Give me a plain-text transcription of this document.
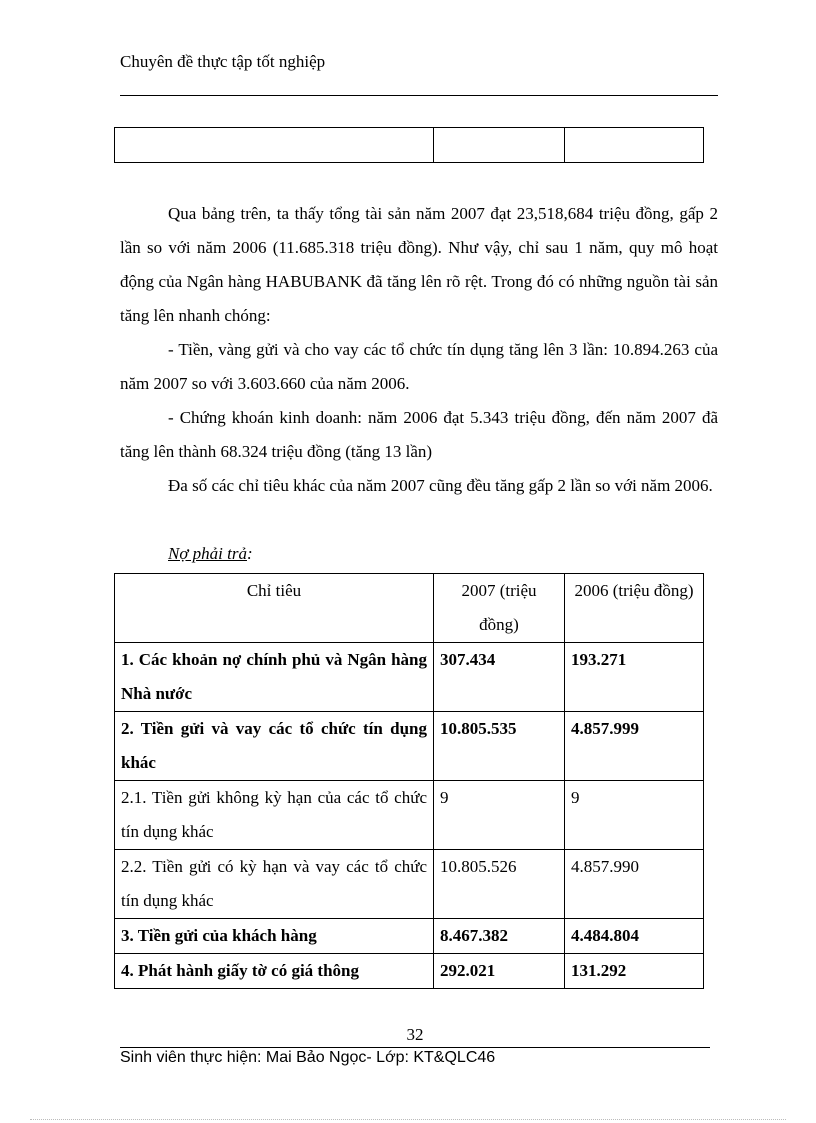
Chuyên đề thực tập tốt nghiệp

Qua bảng trên, ta thấy tổng tài sản năm 2007 đạt 23,518,684 triệu đồng, gấp 2 lần so với năm 2006 (11.685.318 triệu đồng). Như vậy, chỉ sau 1 năm, quy mô hoạt động của Ngân hàng HABUBANK đã tăng lên rõ rệt. Trong đó có những nguồn tài sản tăng lên nhanh chóng:
- Tiền, vàng gửi và cho vay các tổ chức tín dụng tăng lên 3 lần: 10.894.263 của năm 2007 so với 3.603.660 của năm 2006.
- Chứng khoán kinh doanh: năm 2006 đạt 5.343 triệu đồng, đến năm 2007 đã tăng lên thành 68.324 triệu đồng (tăng 13 lần)
Đa số các chỉ tiêu khác của năm 2007 cũng đều tăng gấp 2 lần so với năm 2006.
Nợ phải trả:
Chỉ tiêu	2007 (triệu đồng)	2006 (triệu đồng)
1. Các khoản nợ chính phủ và Ngân hàng Nhà nước	307.434	193.271
2. Tiền gửi và vay các tổ chức tín dụng khác	10.805.535	4.857.999
2.1. Tiền gửi không kỳ hạn của các tổ chức tín dụng khác	9	9
2.2. Tiền gửi có kỳ hạn và vay các tổ chức tín dụng khác	10.805.526	4.857.990
3. Tiền gửi của khách hàng	8.467.382	4.484.804
4. Phát hành giấy tờ có giá thông	292.021	131.292
32
Sinh viên thực hiện: Mai Bảo Ngọc- Lớp: KT&QLC46
